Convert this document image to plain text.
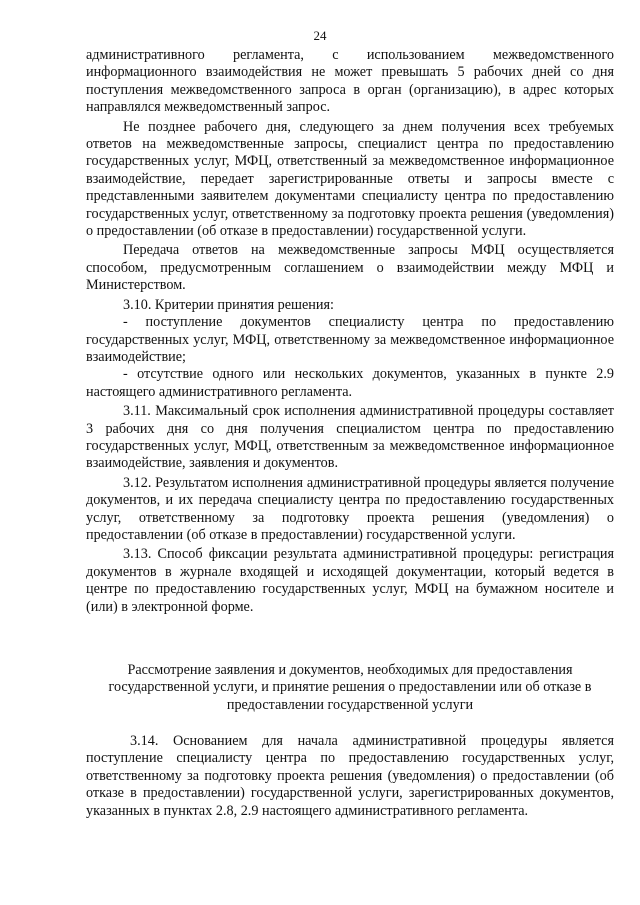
24

административного регламента, с использованием межведомственного информационного взаимодействия не может превышать 5 рабочих дней со дня поступления межведомственного запроса в орган (организацию), в адрес которых направлялся межведомственный запрос.

Не позднее рабочего дня, следующего за днем получения всех требуемых ответов на межведомственные запросы, специалист центра по предоставлению государственных услуг, МФЦ, ответственный за межведомственное информационное взаимодействие, передает зарегистрированные ответы и запросы вместе с представленными заявителем документами специалисту центра по предоставлению государственных услуг, ответственному за подготовку проекта решения (уведомления) о предоставлении (об отказе в предоставлении) государственной услуги.

Передача ответов на межведомственные запросы МФЦ осуществляется способом, предусмотренным соглашением о взаимодействии между МФЦ и Министерством.

3.10. Критерии принятия решения:

- поступление документов специалисту центра по предоставлению государственных услуг, МФЦ, ответственному за межведомственное информационное взаимодействие;

- отсутствие одного или нескольких документов, указанных в пункте 2.9 настоящего административного регламента.

3.11. Максимальный срок исполнения административной процедуры составляет 3 рабочих дня со дня получения специалистом центра по предоставлению государственных услуг, МФЦ, ответственным за межведомственное информационное взаимодействие, заявления и документов.

3.12. Результатом исполнения административной процедуры является получение документов, и их передача специалисту центра по предоставлению государственных услуг, ответственному за подготовку проекта решения (уведомления) о предоставлении (об отказе в предоставлении) государственной услуги.

3.13. Способ фиксации результата административной процедуры: регистрация документов в журнале входящей и исходящей документации, который ведется в центре по предоставлению государственных услуг, МФЦ на бумажном носителе и (или) в электронной форме.

Рассмотрение заявления и документов, необходимых для предоставления
государственной услуги, и принятие решения о предоставлении или об отказе в
предоставлении государственной услуги

3.14. Основанием для начала административной процедуры является поступление специалисту центра по предоставлению государственных услуг, ответственному за подготовку проекта решения (уведомления) о предоставлении (об отказе в предоставлении) государственной услуги, зарегистрированных документов, указанных в пунктах 2.8, 2.9 настоящего административного регламента.
